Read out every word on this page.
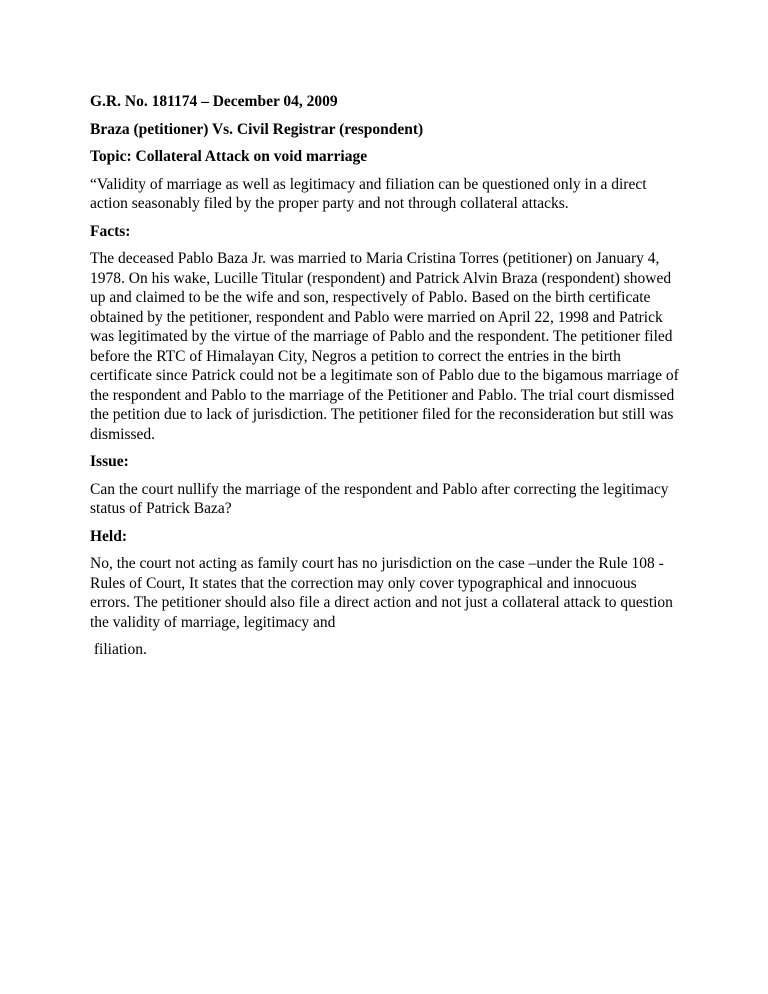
G.R. No. 181174 – December 04, 2009

Braza (petitioner) Vs. Civil Registrar (respondent)

Topic: Collateral Attack on void marriage

“Validity of marriage as well as legitimacy and filiation can be questioned only in a direct action seasonably filed by the proper party and not through collateral attacks.

Facts:

The deceased Pablo Baza Jr. was married to Maria Cristina Torres (petitioner) on January 4, 1978. On his wake, Lucille Titular (respondent) and Patrick Alvin Braza (respondent) showed up and claimed to be the wife and son, respectively of Pablo. Based on the birth certificate obtained by the petitioner, respondent and Pablo were married on April 22, 1998 and Patrick was legitimated by the virtue of the marriage of Pablo and the respondent. The petitioner filed before the RTC of Himalayan City, Negros a petition to correct the entries in the birth certificate since Patrick could not be a legitimate son of Pablo due to the bigamous marriage of the respondent and Pablo to the marriage of the Petitioner and Pablo. The trial court dismissed the petition due to lack of jurisdiction. The petitioner filed for the reconsideration but still was dismissed.

Issue:

Can the court nullify the marriage of the respondent and Pablo after correcting the legitimacy status of Patrick Baza?

Held:

No, the court not acting as family court has no jurisdiction on the case –under the Rule 108 - Rules of Court, It states that the correction may only cover typographical and innocuous errors. The petitioner should also file a direct action and not just a collateral attack to question the validity of marriage, legitimacy and

filiation.
